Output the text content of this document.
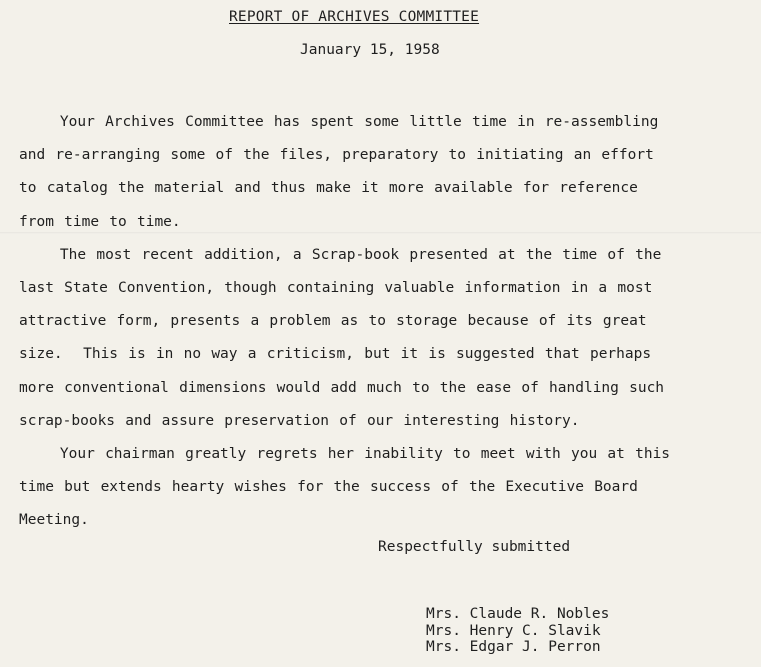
REPORT OF ARCHIVES COMMITTEE
January 15, 1958
Your Archives Committee has spent some little time in re-assembling
and re-arranging some of the files, preparatory to initiating an effort
to catalog the material and thus make it more available for reference
from time to time.
The most recent addition, a Scrap-book presented at the time of the
last State Convention, though containing valuable information in a most
attractive form, presents a problem as to storage because of its great
size.  This is in no way a criticism, but it is suggested that perhaps
more conventional dimensions would add much to the ease of handling such
scrap-books and assure preservation of our interesting history.
Your chairman greatly regrets her inability to meet with you at this
time but extends hearty wishes for the success of the Executive Board
Meeting.
Respectfully submitted
Mrs. Claude R. Nobles
Mrs. Henry C. Slavik
Mrs. Edgar J. Perron
